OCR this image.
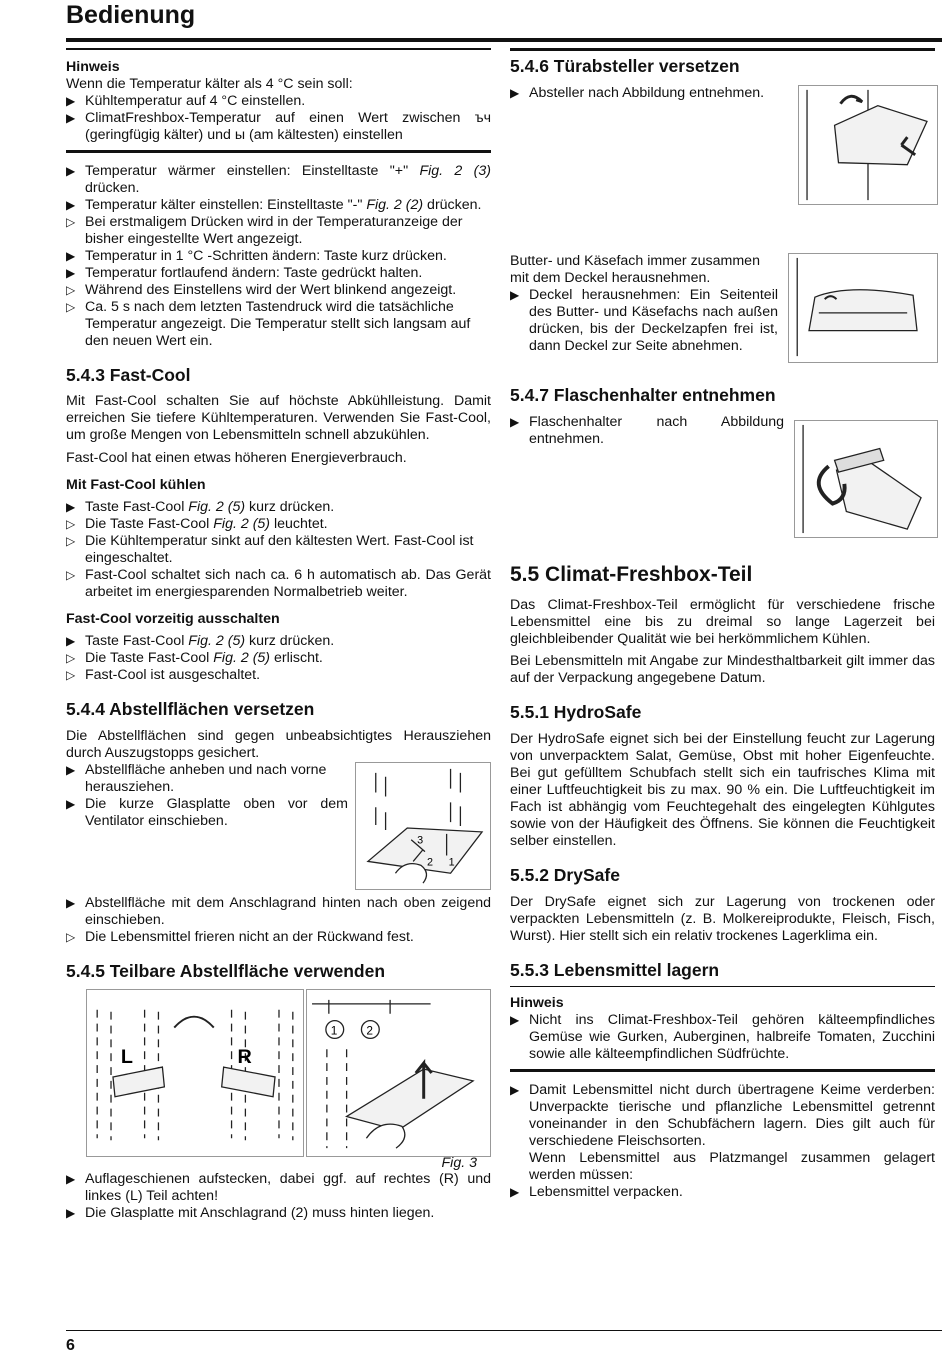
Bedienung

Hinweis

Wenn die Temperatur kälter als 4 °C sein soll:

▶ Kühltemperatur auf 4 °C einstellen.
▶ ClimatFreshbox-Temperatur auf einen Wert zwischen ъч (geringfügig kälter) und ы (am kältesten) einstellen
▶ Temperatur wärmer einstellen: Einstelltaste "+" Fig. 2 (3) drücken.
▶ Temperatur kälter einstellen: Einstelltaste "-" Fig. 2 (2) drücken.
▷ Bei erstmaligem Drücken wird in der Temperaturanzeige der bisher eingestellte Wert angezeigt.
▶ Temperatur in 1 °C -Schritten ändern: Taste kurz drücken.
▶ Temperatur fortlaufend ändern: Taste gedrückt halten.
▷ Während des Einstellens wird der Wert blinkend angezeigt.
▷ Ca. 5 s nach dem letzten Tastendruck wird die tatsächliche Temperatur angezeigt. Die Temperatur stellt sich langsam auf den neuen Wert ein.
5.4.3 Fast-Cool

Mit Fast-Cool schalten Sie auf höchste Abkühlleistung. Damit erreichen Sie tiefere Kühltemperaturen. Verwenden Sie Fast-Cool, um große Mengen von Lebensmitteln schnell abzukühlen.

Fast-Cool hat einen etwas höheren Energieverbrauch.

Mit Fast-Cool kühlen

▶ Taste Fast-Cool Fig. 2 (5) kurz drücken.
▷ Die Taste Fast-Cool Fig. 2 (5) leuchtet.
▷ Die Kühltemperatur sinkt auf den kältesten Wert. Fast-Cool ist eingeschaltet.
▷ Fast-Cool schaltet sich nach ca. 6 h automatisch ab. Das Gerät arbeitet im energiesparenden Normalbetrieb weiter.

Fast-Cool vorzeitig ausschalten

▶ Taste Fast-Cool Fig. 2 (5) kurz drücken.
▷ Die Taste Fast-Cool Fig. 2 (5) erlischt.
▷ Fast-Cool ist ausgeschaltet.
5.4.4 Abstellflächen versetzen

Die Abstellflächen sind gegen unbeabsichtigtes Herausziehen durch Auszugstopps gesichert.

▶ Abstellfläche anheben und nach vorne herausziehen.
▶ Die kurze Glasplatte oben vor dem Ventilator einschieben.
3
2 1
▶ Abstellfläche mit dem Anschlagrand hinten nach oben zeigend einschieben.
▷ Die Lebensmittel frieren nicht an der Rückwand fest.
5.4.5 Teilbare Abstellfläche verwenden
L	R
1 2
Fig. 3
▶ Auflageschienen aufstecken, dabei ggf. auf rechtes (R) und linkes (L) Teil achten!
▶ Die Glasplatte mit Anschlagrand (2) muss hinten liegen.
5.4.6 Türabsteller versetzen
▶ Absteller nach Abbildung entnehmen.

Butter- und Käsefach immer zusammen mit dem Deckel herausnehmen.

▶ Deckel herausnehmen: Ein Seitenteil des Butter- und Käsefachs nach außen drücken, bis der Deckelzapfen frei ist, dann Deckel zur Seite abnehmen.
5.4.7 Flaschenhalter entnehmen
▶ Flaschenhalter nach Abbildung entnehmen.
5.5 Climat-Freshbox-Teil

Das Climat-Freshbox-Teil ermöglicht für verschiedene frische Lebensmittel eine bis zu dreimal so lange Lagerzeit bei gleichbleibender Qualität wie bei herkömmlichem Kühlen.

Bei Lebensmitteln mit Angabe zur Mindesthaltbarkeit gilt immer das auf der Verpackung angegebene Datum.

5.5.1 HydroSafe

Der HydroSafe eignet sich bei der Einstellung feucht zur Lagerung von unverpacktem Salat, Gemüse, Obst mit hoher Eigenfeuchte. Bei gut gefülltem Schubfach stellt sich ein taufrisches Klima mit einer Luftfeuchtigkeit bis zu max. 90 % ein. Die Luftfeuchtigkeit im Fach ist abhängig vom Feuchtegehalt des eingelegten Kühlgutes sowie von der Häufigkeit des Öffnens. Sie können die Feuchtigkeit selber einstellen.

5.5.2 DrySafe

Der DrySafe eignet sich zur Lagerung von trockenen oder verpackten Lebensmitteln (z. B. Molkereiprodukte, Fleisch, Fisch, Wurst). Hier stellt sich ein relativ trockenes Lagerklima ein.

5.5.3 Lebensmittel lagern

Hinweis

▶ Nicht ins Climat-Freshbox-Teil gehören kälteempfindliches Gemüse wie Gurken, Auberginen, halbreife Tomaten, Zucchini sowie alle kälteempfindlichen Südfrüchte.
▶ Damit Lebensmittel nicht durch übertragene Keime verderben: Unverpackte tierische und pflanzliche Lebensmittel getrennt voneinander in den Schubfächern lagern. Dies gilt auch für verschiedene Fleischsorten.
Wenn Lebensmittel aus Platzmangel zusammen gelagert werden müssen:
▶ Lebensmittel verpacken.
6
